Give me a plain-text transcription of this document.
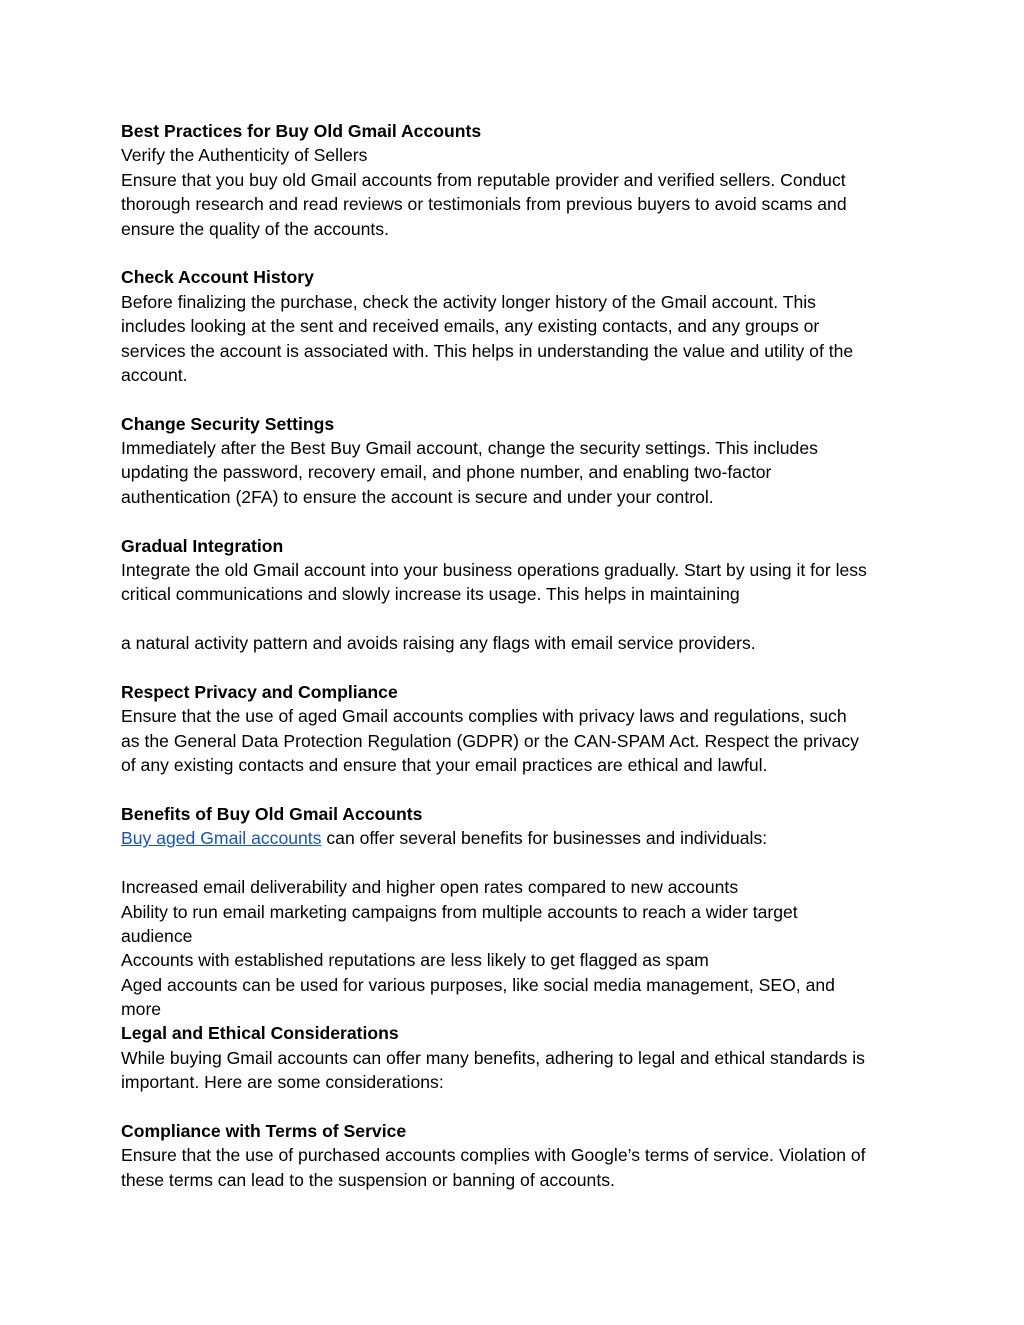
Best Practices for Buy Old Gmail Accounts
Verify the Authenticity of Sellers
Ensure that you buy old Gmail accounts from reputable provider and verified sellers. Conduct
thorough research and read reviews or testimonials from previous buyers to avoid scams and
ensure the quality of the accounts.
Check Account History
Before finalizing the purchase, check the activity longer history of the Gmail account. This
includes looking at the sent and received emails, any existing contacts, and any groups or
services the account is associated with. This helps in understanding the value and utility of the
account.
Change Security Settings
Immediately after the Best Buy Gmail account, change the security settings. This includes
updating the password, recovery email, and phone number, and enabling two-factor
authentication (2FA) to ensure the account is secure and under your control.
Gradual Integration
Integrate the old Gmail account into your business operations gradually. Start by using it for less
critical communications and slowly increase its usage. This helps in maintaining
a natural activity pattern and avoids raising any flags with email service providers.
Respect Privacy and Compliance
Ensure that the use of aged Gmail accounts complies with privacy laws and regulations, such
as the General Data Protection Regulation (GDPR) or the CAN-SPAM Act. Respect the privacy
of any existing contacts and ensure that your email practices are ethical and lawful.
Benefits of Buy Old Gmail Accounts
Buy aged Gmail accounts can offer several benefits for businesses and individuals:
Increased email deliverability and higher open rates compared to new accounts
Ability to run email marketing campaigns from multiple accounts to reach a wider target
audience
Accounts with established reputations are less likely to get flagged as spam
Aged accounts can be used for various purposes, like social media management, SEO, and
more
Legal and Ethical Considerations
While buying Gmail accounts can offer many benefits, adhering to legal and ethical standards is
important. Here are some considerations:
Compliance with Terms of Service
Ensure that the use of purchased accounts complies with Google’s terms of service. Violation of
these terms can lead to the suspension or banning of accounts.
